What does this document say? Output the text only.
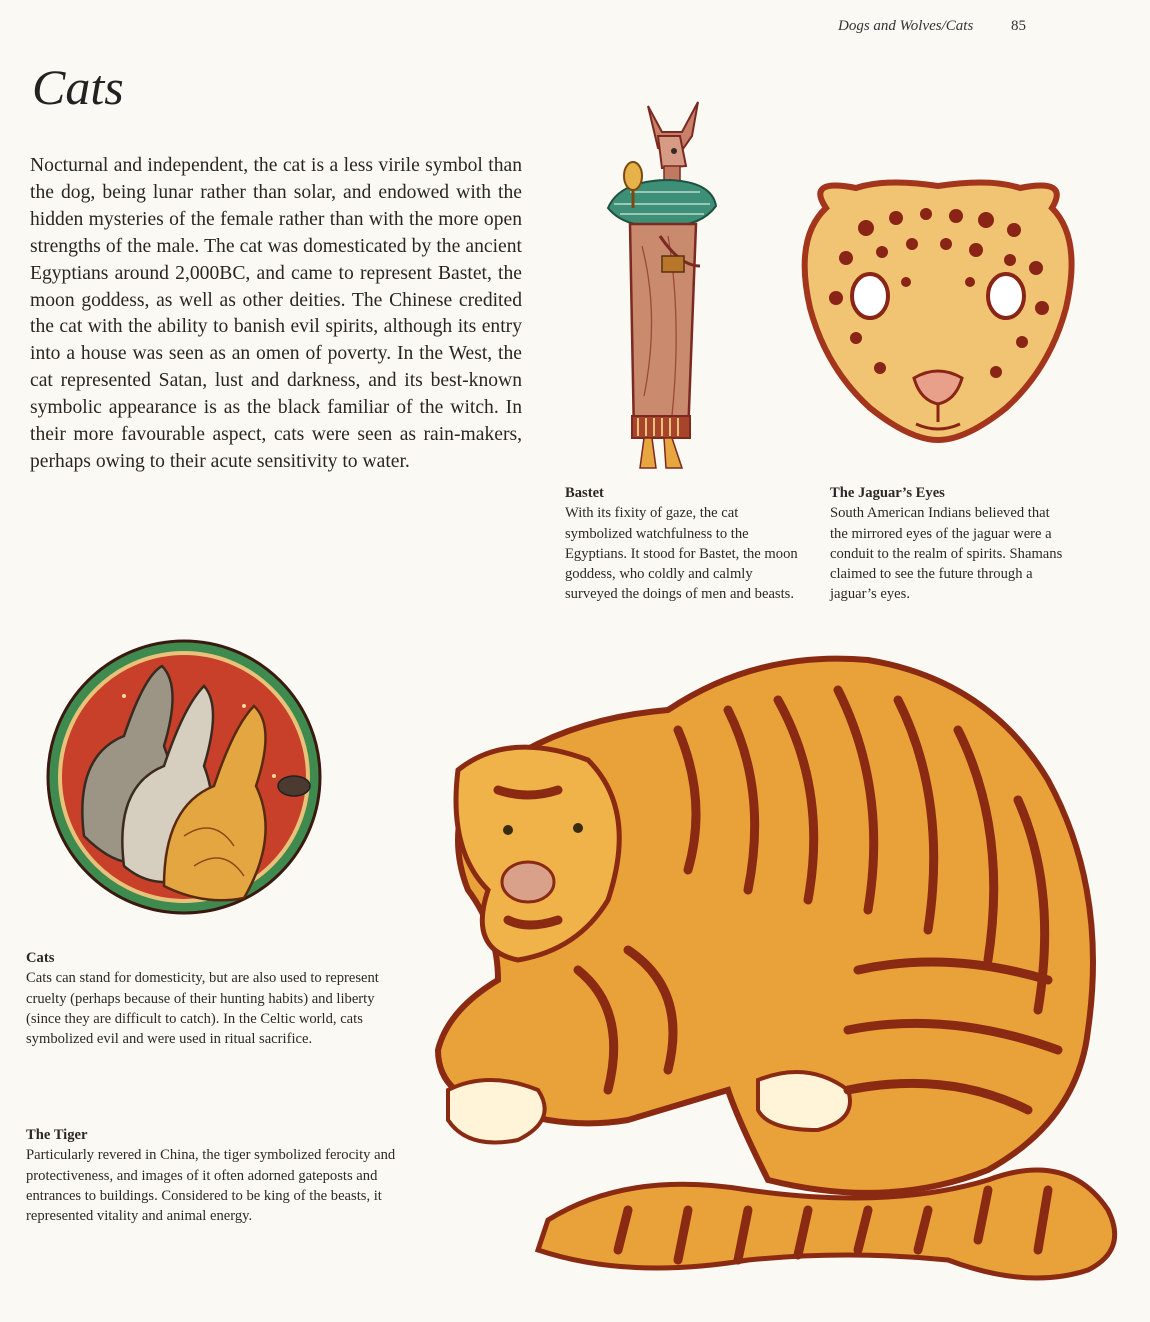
Dogs and Wolves/Cats	85
Cats

Nocturnal and independent, the cat is a less virile symbol than the dog, being lunar rather than solar, and endowed with the hidden mysteries of the female rather than with the more open strengths of the male. The cat was domesticated by the ancient Egyptians around 2,000BC, and came to represent Bastet, the moon goddess, as well as other deities. The Chinese credited the cat with the ability to banish evil spirits, although its entry into a house was seen as an omen of poverty. In the West, the cat represented Satan, lust and darkness, and its best-known symbolic appearance is as the black familiar of the witch. In their more favourable aspect, cats were seen as rain-makers, perhaps owing to their acute sensitivity to water.

Bastet
With its fixity of gaze, the cat symbolized watchfulness to the Egyptians. It stood for Bastet, the moon goddess, who coldly and calmly surveyed the doings of men and beasts.
The Jaguar’s Eyes
South American Indians believed that the mirrored eyes of the jaguar were a conduit to the realm of spirits. Shamans claimed to see the future through a jaguar’s eyes.
Cats
Cats can stand for domesticity, but are also used to represent cruelty (perhaps because of their hunting habits) and liberty (since they are difficult to catch). In the Celtic world, cats symbolized evil and were used in ritual sacrifice.
The Tiger
Particularly revered in China, the tiger symbolized ferocity and protectiveness, and images of it often adorned gateposts and entrances to buildings. Considered to be king of the beasts, it represented vitality and animal energy.
